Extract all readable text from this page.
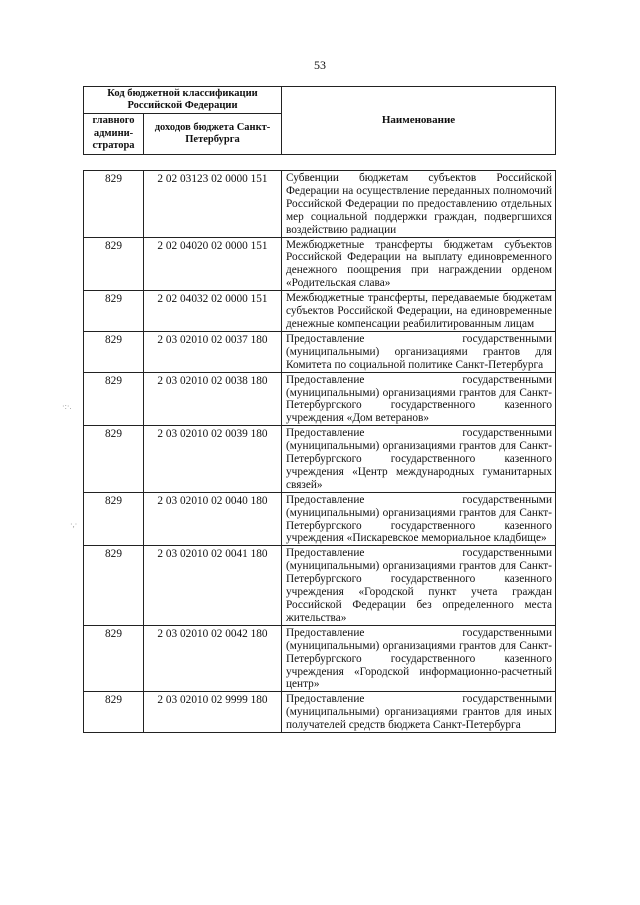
53
Код бюджетной классификации Российской Федерации		Наименование
главного админи-стратора	доходов бюджета Санкт-Петербурга	
829	2 02 03123 02 0000 151	Субвенции бюджетам субъектов Российской Федерации на осуществление переданных полномочий Российской Федерации по предоставлению отдельных мер социальной поддержки граждан, подвергшихся воздействию радиации
829	2 02 04020 02 0000 151	Межбюджетные трансферты бюджетам субъектов Российской Федерации на выплату единовременного денежного поощрения при награждении орденом «Родительская слава»
829	2 02 04032 02 0000 151	Межбюджетные трансферты, передаваемые бюджетам субъектов Российской Федерации, на единовременные денежные компенсации реабилитированным лицам
829	2 03 02010 02 0037 180	Предоставление государственными (муниципальными) организациями грантов для Комитета по социальной политике Санкт-Петербурга
829	2 03 02010 02 0038 180	Предоставление государственными (муниципальными) организациями грантов для Санкт-Петербургского государственного казенного учреждения «Дом ветеранов»
829	2 03 02010 02 0039 180	Предоставление государственными (муниципальными) организациями грантов для Санкт-Петербургского государственного казенного учреждения «Центр международных гуманитарных связей»
829	2 03 02010 02 0040 180	Предоставление государственными (муниципальными) организациями грантов для Санкт-Петербургского государственного казенного учреждения «Пискаревское мемориальное кладбище»
829	2 03 02010 02 0041 180	Предоставление государственными (муниципальными) организациями грантов для Санкт-Петербургского государственного казенного учреждения «Городской пункт учета граждан Российской Федерации без определенного места жительства»
829	2 03 02010 02 0042 180	Предоставление государственными (муниципальными) организациями грантов для Санкт-Петербургского государственного казенного учреждения «Городской информационно-расчетный центр»
829	2 03 02010 02 9999 180	Предоставление государственными (муниципальными) организациями грантов для иных получателей средств бюджета Санкт-Петербурга
·:·.
·,·
